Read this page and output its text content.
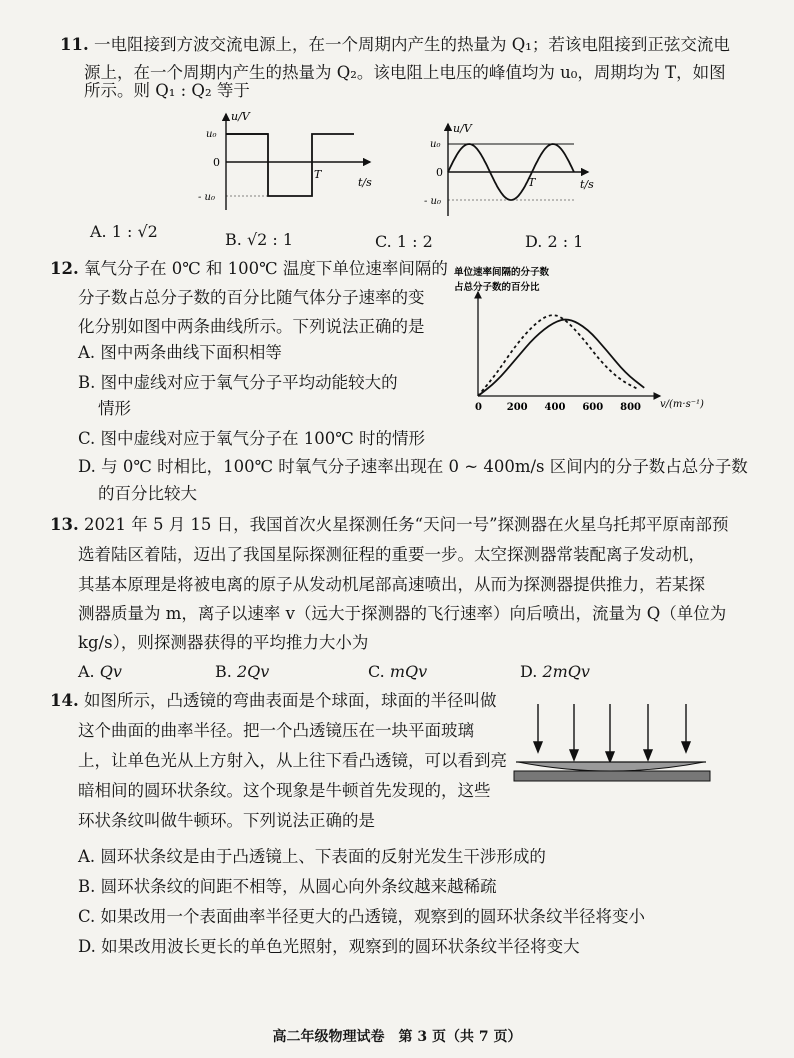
11. 一电阻接到方波交流电源上，在一个周期内产生的热量为 Q₁；若该电阻接到正弦交流电
源上，在一个周期内产生的热量为 Q₂。该电阻上电压的峰值均为 u₀，周期均为 T，如图
所示。则 Q₁ : Q₂ 等于
u/V
u₀
0
- u₀
T
t/s
u/V
u₀
0
- u₀
T	t/s
A. 1 : √2	B. √2 : 1	C. 1 : 2	D. 2 : 1
12. 氧气分子在 0℃ 和 100℃ 温度下单位速率间隔的
分子数占总分子数的百分比随气体分子速率的变
化分别如图中两条曲线所示。下列说法正确的是
A. 图中两条曲线下面积相等
B. 图中虚线对应于氧气分子平均动能较大的
情形
C. 图中虚线对应于氧气分子在 100℃ 时的情形
D. 与 0℃ 时相比，100℃ 时氧气分子速率出现在 0 ~ 400m/s 区间内的分子数占总分子数
的百分比较大
单位速率间隔的分子数
占总分子数的百分比
0 200 400 600 800 v/(m·s⁻¹)
13. 2021 年 5 月 15 日，我国首次火星探测任务“天问一号”探测器在火星乌托邦平原南部预
选着陆区着陆，迈出了我国星际探测征程的重要一步。太空探测器常装配离子发动机，
其基本原理是将被电离的原子从发动机尾部高速喷出，从而为探测器提供推力，若某探
测器质量为 m，离子以速率 v（远大于探测器的飞行速率）向后喷出，流量为 Q（单位为
kg/s），则探测器获得的平均推力大小为
A. Qv	B. 2Qv	C. mQv	D. 2mQv
14. 如图所示，凸透镜的弯曲表面是个球面，球面的半径叫做
这个曲面的曲率半径。把一个凸透镜压在一块平面玻璃
上，让单色光从上方射入，从上往下看凸透镜，可以看到亮
暗相间的圆环状条纹。这个现象是牛顿首先发现的，这些
环状条纹叫做牛顿环。下列说法正确的是
A. 圆环状条纹是由于凸透镜上、下表面的反射光发生干涉形成的
B. 圆环状条纹的间距不相等，从圆心向外条纹越来越稀疏
C. 如果改用一个表面曲率半径更大的凸透镜，观察到的圆环状条纹半径将变小
D. 如果改用波长更长的单色光照射，观察到的圆环状条纹半径将变大
高二年级物理试卷　第 3 页（共 7 页）
